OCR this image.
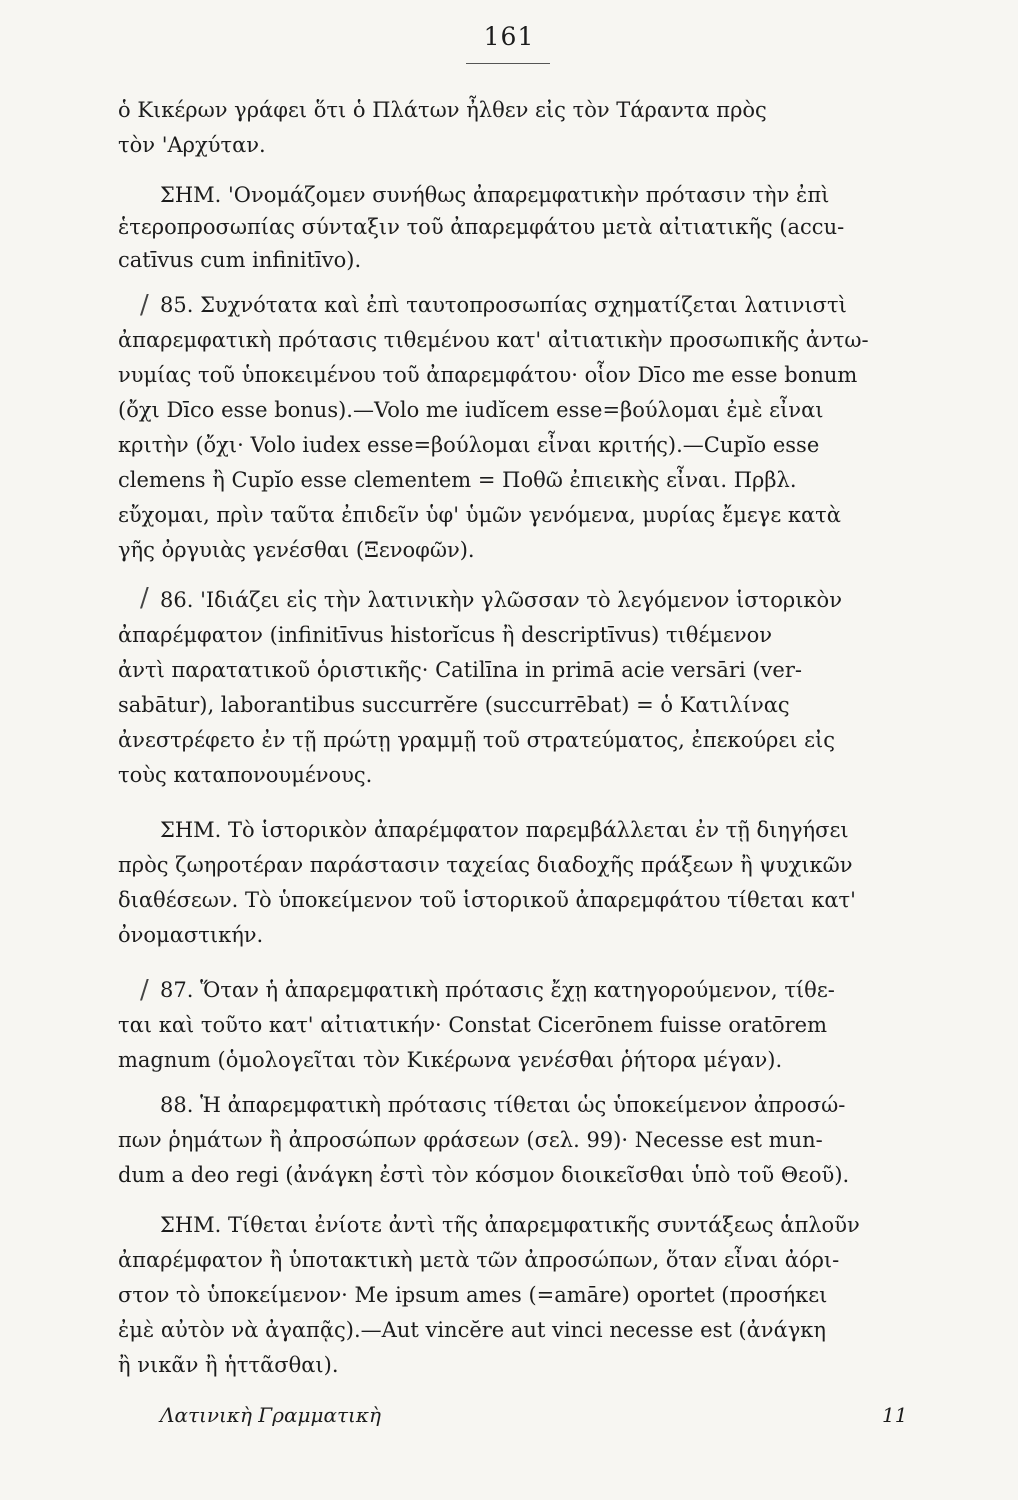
161
ὁ Κικέρων γράφει ὅτι ὁ Πλάτων ἦλθεν εἰς τὸν Τάραντα πρὸς
τὸν 'Αρχύταν.
ΣΗΜ. 'Ονομάζομεν συνήθως ἀπαρεμφατικὴν πρότασιν τὴν ἐπὶ
ἑτεροπροσωπίας σύνταξιν τοῦ ἀπαρεμφάτου μετὰ αἰτιατικῆς (accu-
catīvus cum infinitīvo).
/ 85. Συχνότατα καὶ ἐπὶ ταυτοπροσωπίας σχηματίζεται λατινιστὶ
ἀπαρεμφατικὴ πρότασις τιθεμένου κατ' αἰτιατικὴν προσωπικῆς ἀντω-
νυμίας τοῦ ὑποκειμένου τοῦ ἀπαρεμφάτου· οἷον Dīco me esse bonum
(ὄχι Dīco esse bonus).—Volo me iudĭcem esse=βούλομαι ἐμὲ εἶναι
κριτὴν (ὄχι· Volo iudex esse=βούλομαι εἶναι κριτής).—Cupĭo esse
clemens ἢ Cupĭo esse clementem = Ποθῶ ἐπιεικὴς εἶναι. Πρβλ.
εὔχομαι, πρὶν ταῦτα ἐπιδεῖν ὑφ' ὑμῶν γενόμενα, μυρίας ἔμεγε κατὰ
γῆς ὀργυιὰς γενέσθαι (Ξενοφῶν).
/ 86. 'Ιδιάζει εἰς τὴν λατινικὴν γλῶσσαν τὸ λεγόμενον ἱστορικὸν
ἀπαρέμφατον (infinitīvus historĭcus ἢ descriptīvus) τιθέμενον
ἀντὶ παρατατικοῦ ὁριστικῆς· Catilīna in primā acie versāri (ver-
sabātur), laborantibus succurrĕre (succurrēbat) = ὁ Κατιλίνας
ἀνεστρέφετο ἐν τῇ πρώτῃ γραμμῇ τοῦ στρατεύματος, ἐπεκούρει εἰς
τοὺς καταπονουμένους.
ΣΗΜ. Τὸ ἱστορικὸν ἀπαρέμφατον παρεμβάλλεται ἐν τῇ διηγήσει
πρὸς ζωηροτέραν παράστασιν ταχείας διαδοχῆς πράξεων ἢ ψυχικῶν
διαθέσεων. Τὸ ὑποκείμενον τοῦ ἱστορικοῦ ἀπαρεμφάτου τίθεται κατ'
ὀνομαστικήν.
/ 87. Ὅταν ἡ ἀπαρεμφατικὴ πρότασις ἔχῃ κατηγορούμενον, τίθε-
ται καὶ τοῦτο κατ' αἰτιατικήν· Constat Cicerōnem fuisse oratōrem
magnum (ὁμολογεῖται τὸν Κικέρωνα γενέσθαι ῥήτορα μέγαν).
88. Ἡ ἀπαρεμφατικὴ πρότασις τίθεται ὡς ὑποκείμενον ἀπροσώ-
πων ῥημάτων ἢ ἀπροσώπων φράσεων (σελ. 99)· Necesse est mun-
dum a deo regi (ἀνάγκη ἐστὶ τὸν κόσμον διοικεῖσθαι ὑπὸ τοῦ Θεοῦ).
ΣΗΜ. Τίθεται ἐνίοτε ἀντὶ τῆς ἀπαρεμφατικῆς συντάξεως ἁπλοῦν
ἀπαρέμφατον ἢ ὑποτακτικὴ μετὰ τῶν ἀπροσώπων, ὅταν εἶναι ἀόρι-
στον τὸ ὑποκείμενον· Me ipsum ames (=amāre) oportet (προσήκει
ἐμὲ αὐτὸν νὰ ἀγαπᾷς).—Aut vincĕre aut vinci necesse est (ἀνάγκη
ἢ νικᾶν ἢ ἡττᾶσθαι).
Λατινικὴ Γραμματικὴ	11
